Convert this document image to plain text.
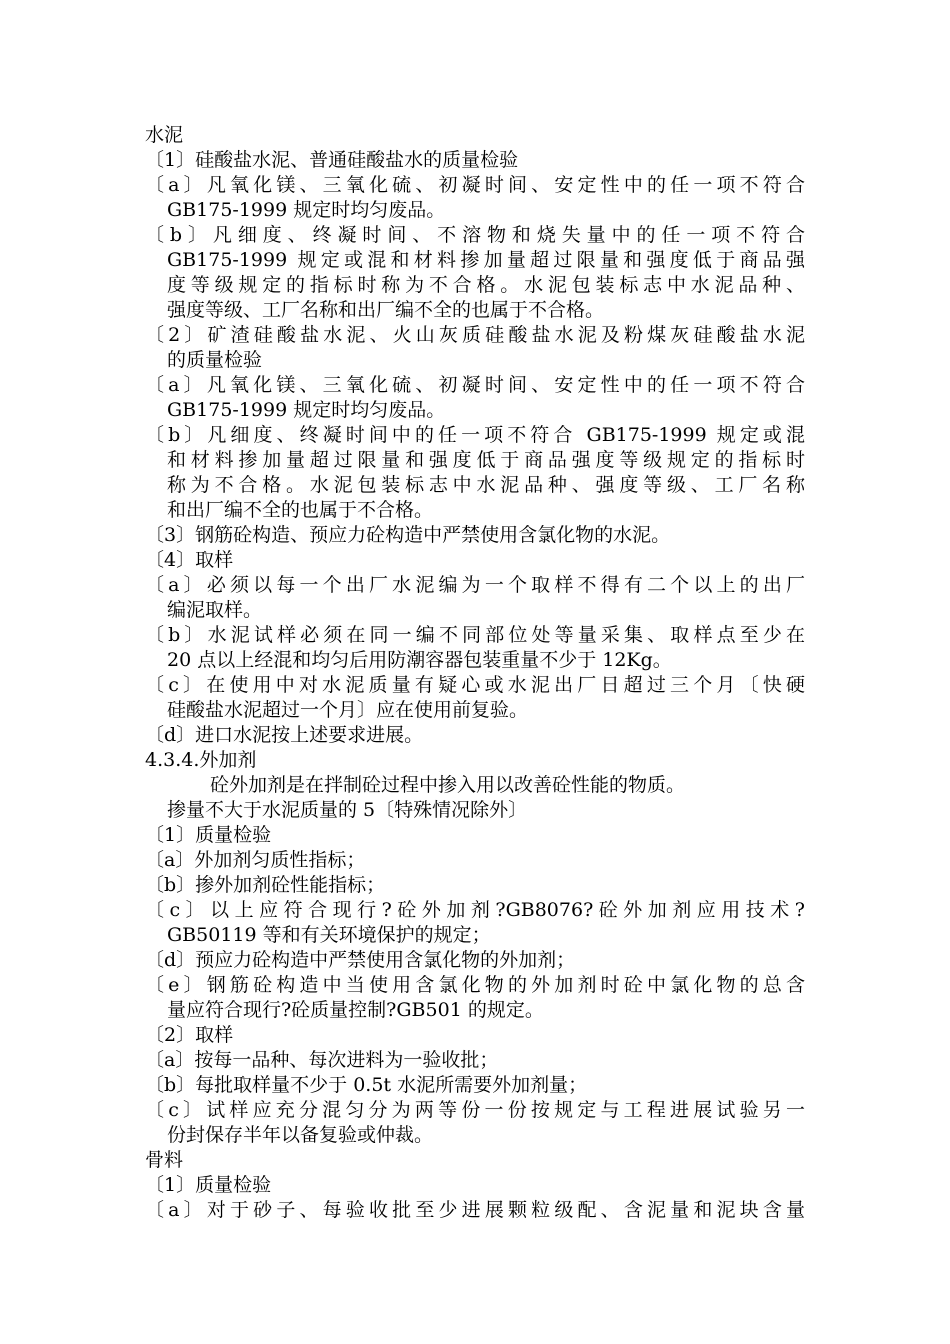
水泥
〔1〕硅酸盐水泥、普通硅酸盐水的质量检验
〔a〕凡氧化镁、三氧化硫、初凝时间、安定性中的任一项不符合
GB175-1999 规定时均匀废品。
〔b〕凡细度、终凝时间、不溶物和烧失量中的任一项不符合
GB175-1999 规定或混和材料掺加量超过限量和强度低于商品强
度等级规定的指标时称为不合格。水泥包装标志中水泥品种、
强度等级、工厂名称和出厂编不全的也属于不合格。
〔2〕矿渣硅酸盐水泥、火山灰质硅酸盐水泥及粉煤灰硅酸盐水泥
的质量检验
〔a〕凡氧化镁、三氧化硫、初凝时间、安定性中的任一项不符合
GB175-1999 规定时均匀废品。
〔b〕凡细度、终凝时间中的任一项不符合 GB175-1999 规定或混
和材料掺加量超过限量和强度低于商品强度等级规定的指标时
称为不合格。水泥包装标志中水泥品种、强度等级、工厂名称
和出厂编不全的也属于不合格。
〔3〕钢筋砼构造、预应力砼构造中严禁使用含氯化物的水泥。
〔4〕取样
〔a〕必须以每一个出厂水泥编为一个取样不得有二个以上的出厂
编泥取样。
〔b〕水泥试样必须在同一编不同部位处等量采集、取样点至少在
20 点以上经混和均匀后用防潮容器包装重量不少于 12Kg。
〔c〕在使用中对水泥质量有疑心或水泥出厂日超过三个月〔快硬
硅酸盐水泥超过一个月〕应在使用前复验。
〔d〕进口水泥按上述要求进展。
4.3.4.外加剂
砼外加剂是在拌制砼过程中掺入用以改善砼性能的物质。
掺量不大于水泥质量的 5〔特殊情况除外〕
〔1〕质量检验
〔a〕外加剂匀质性指标；
〔b〕掺外加剂砼性能指标；
〔c〕以上应符合现行?砼外加剂?GB8076?砼外加剂应用技术?
GB50119 等和有关环境保护的规定；
〔d〕预应力砼构造中严禁使用含氯化物的外加剂；
〔e〕钢筋砼构造中当使用含氯化物的外加剂时砼中氯化物的总含
量应符合现行?砼质量控制?GB501 的规定。
〔2〕取样
〔a〕按每一品种、每次进料为一验收批；
〔b〕每批取样量不少于 0.5t 水泥所需要外加剂量；
〔c〕试样应充分混匀分为两等份一份按规定与工程进展试验另一
份封保存半年以备复验或仲裁。
骨料
〔1〕质量检验
〔a〕对于砂子、每验收批至少进展颗粒级配、含泥量和泥块含量
